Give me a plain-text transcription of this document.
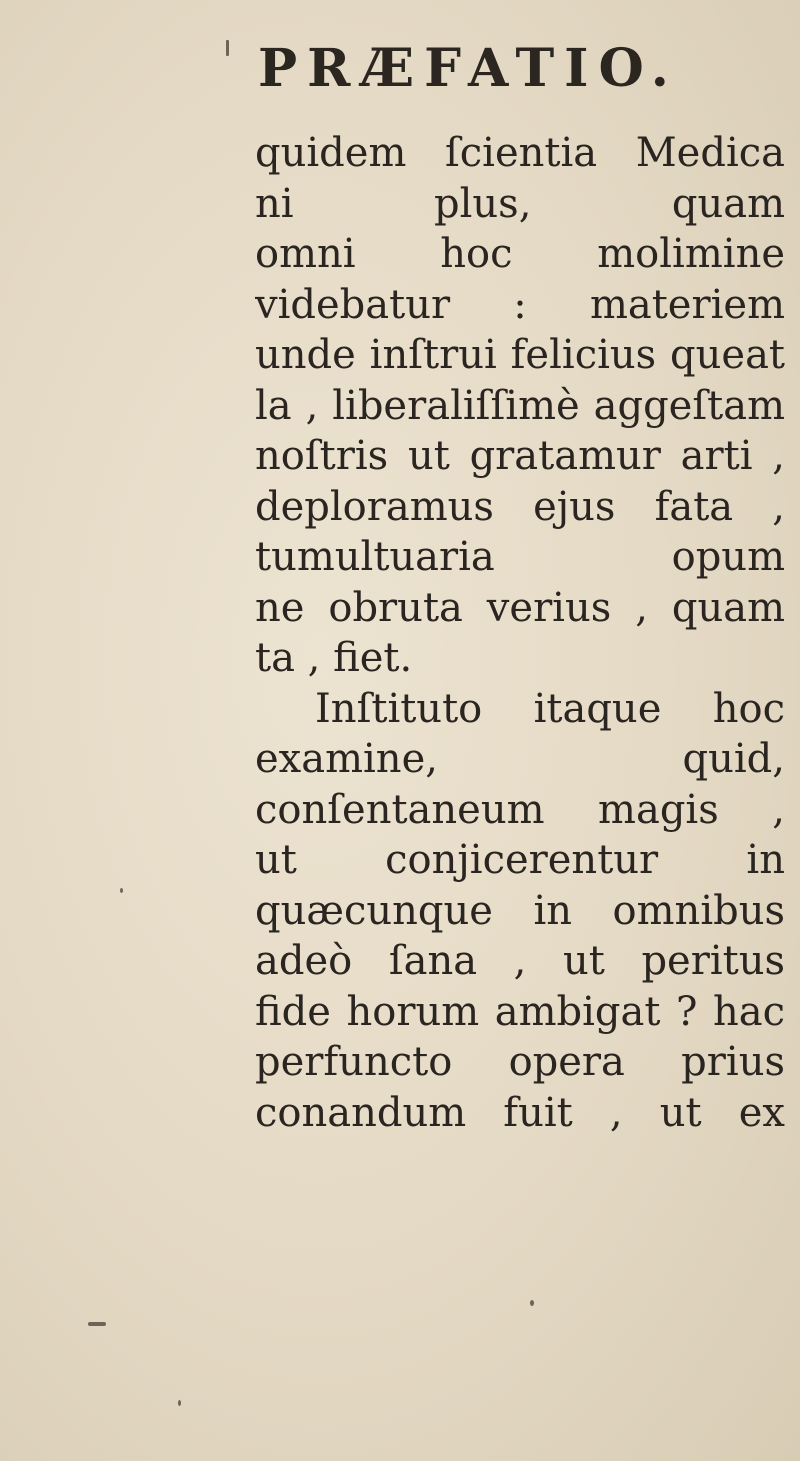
PRÆFATIO.
quidem ſcientia Medica
ni plus, quam
omni hoc molimine
videbatur : materiem
unde inſtrui felicius queat
la , liberaliſſimè aggeſtam
noſtris ut gratamur arti ,
deploramus ejus fata ,
tumultuaria opum
ne obruta verius , quam
ta , fiet.
Inſtituto itaque hoc
examine, quid,
conſentaneum magis ,
ut conjicerentur in
quæcunque in omnibus
adeò ſana , ut peritus
fide horum ambigat ? hac
perfuncto opera prius
conandum fuit , ut ex
